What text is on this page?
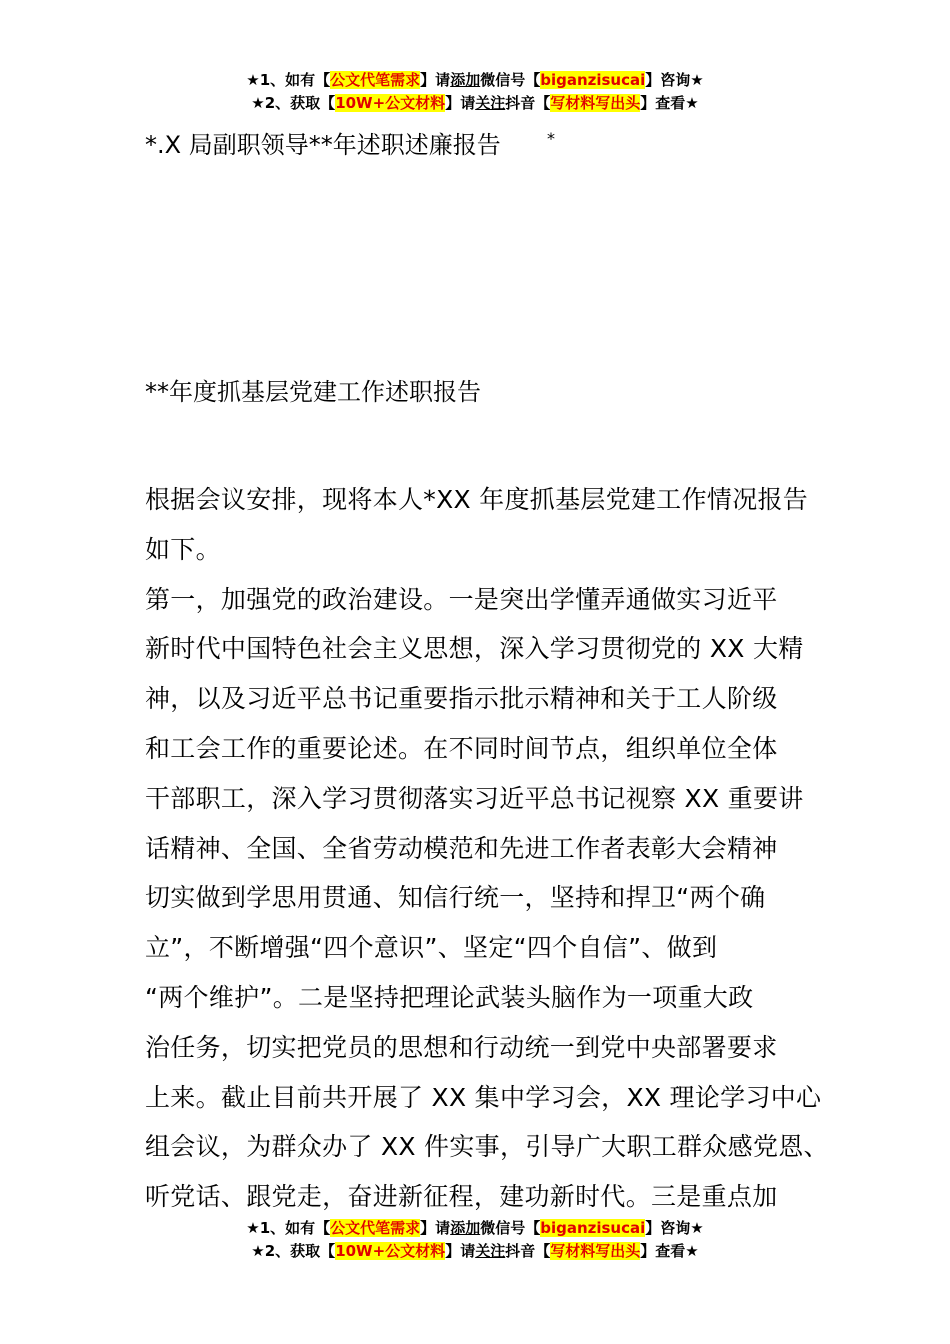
★1、如有【公文代笔需求】请添加微信号【biganzisucai】咨询★
★2、获取【10W+公文材料】请关注抖音【写材料写出头】查看★
*.X 局副职领导**年述职述廉报告	*
**年度抓基层党建工作述职报告
根据会议安排，现将本人*XX 年度抓基层党建工作情况报告
如下。
第一，加强党的政治建设。一是突出学懂弄通做实习近平
新时代中国特色社会主义思想，深入学习贯彻党的 XX 大精
神，以及习近平总书记重要指示批示精神和关于工人阶级
和工会工作的重要论述。在不同时间节点，组织单位全体
干部职工，深入学习贯彻落实习近平总书记视察 XX 重要讲
话精神、全国、全省劳动模范和先进工作者表彰大会精神
切实做到学思用贯通、知信行统一，坚持和捍卫“两个确
立”，不断增强“四个意识”、坚定“四个自信”、做到
“两个维护”。二是坚持把理论武装头脑作为一项重大政
治任务，切实把党员的思想和行动统一到党中央部署要求
上来。截止目前共开展了 XX 集中学习会，XX 理论学习中心
组会议，为群众办了 XX 件实事，引导广大职工群众感党恩、
听党话、跟党走，奋进新征程，建功新时代。三是重点加
★1、如有【公文代笔需求】请添加微信号【biganzisucai】咨询★
★2、获取【10W+公文材料】请关注抖音【写材料写出头】查看★
